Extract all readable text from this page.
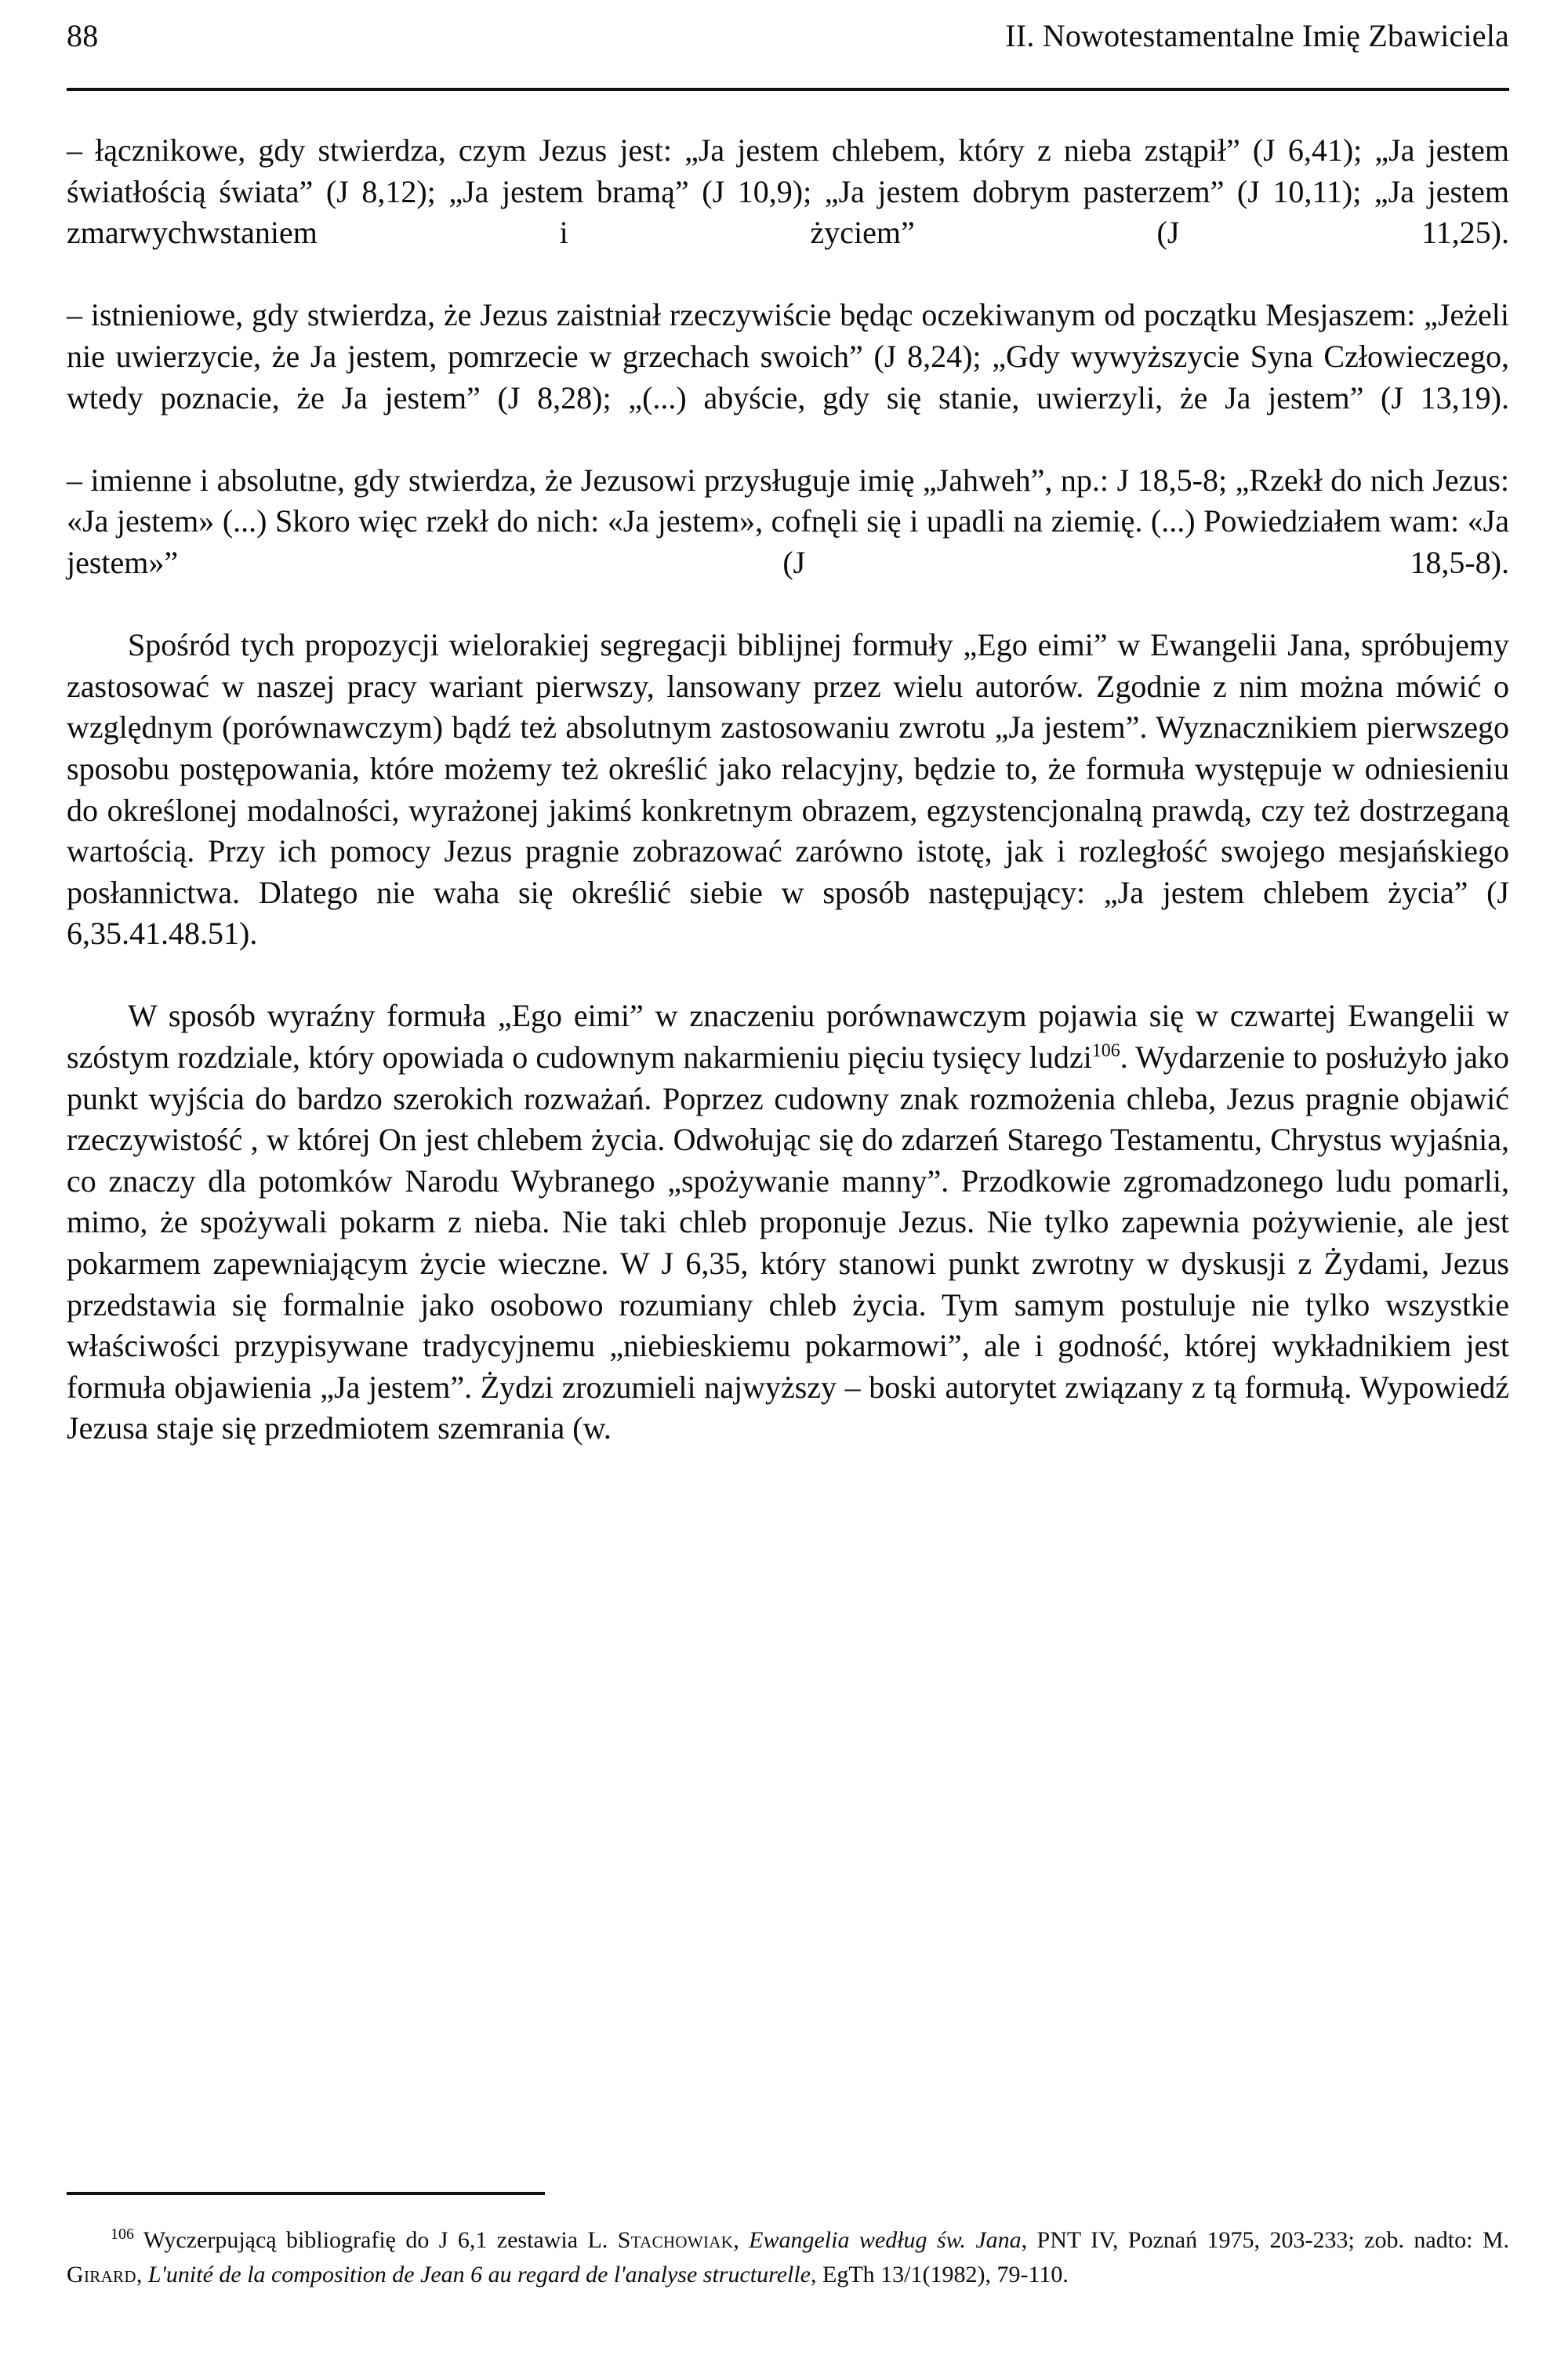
88	II. Nowotestamentalne Imię Zbawiciela

– łącznikowe, gdy stwierdza, czym Jezus jest: „Ja jestem chlebem, który z nieba zstąpił” (J 6,41); „Ja jestem światłością świata” (J 8,12); „Ja jestem bramą” (J 10,9); „Ja jestem dobrym pasterzem” (J 10,11); „Ja jestem zmarwychwstaniem i życiem” (J 11,25).

– istnieniowe, gdy stwierdza, że Jezus zaistniał rzeczywiście będąc oczekiwanym od początku Mesjaszem: „Jeżeli nie uwierzycie, że Ja jestem, pomrzecie w grzechach swoich” (J 8,24); „Gdy wywyższycie Syna Człowieczego, wtedy poznacie, że Ja jestem” (J 8,28); „(...) abyście, gdy się stanie, uwierzyli, że Ja jestem” (J 13,19).

– imienne i absolutne, gdy stwierdza, że Jezusowi przysługuje imię „Jahweh”, np.: J 18,5-8; „Rzekł do nich Jezus: «Ja jestem» (...) Skoro więc rzekł do nich: «Ja jestem», cofnęli się i upadli na ziemię. (...) Powiedziałem wam: «Ja jestem»” (J 18,5-8).

Spośród tych propozycji wielorakiej segregacji biblijnej formuły „Ego eimi” w Ewangelii Jana, spróbujemy zastosować w naszej pracy wariant pierwszy, lansowany przez wielu autorów. Zgodnie z nim można mówić o względnym (porównawczym) bądź też absolutnym zastosowaniu zwrotu „Ja jestem”. Wyznacznikiem pierwszego sposobu postępowania, które możemy też określić jako relacyjny, będzie to, że formuła występuje w odniesieniu do określonej modalności, wyrażonej jakimś konkretnym obrazem, egzystencjonalną prawdą, czy też dostrzeganą wartością. Przy ich pomocy Jezus pragnie zobrazować zarówno istotę, jak i rozległość swojego mesjańskiego posłannictwa. Dlatego nie waha się określić siebie w sposób następujący: „Ja jestem chlebem życia” (J 6,35.41.48.51).

W sposób wyraźny formuła „Ego eimi” w znaczeniu porównawczym pojawia się w czwartej Ewangelii w szóstym rozdziale, który opowiada o cudownym nakarmieniu pięciu tysięcy ludzi$^{106}$. Wydarzenie to posłużyło jako punkt wyjścia do bardzo szerokich rozważań. Poprzez cudowny znak rozmożenia chleba, Jezus pragnie objawić rzeczywistość , w której On jest chlebem życia. Odwołując się do zdarzeń Starego Testamentu, Chrystus wyjaśnia, co znaczy dla potomków Narodu Wybranego „spożywanie manny”. Przodkowie zgromadzonego ludu pomarli, mimo, że spożywali pokarm z nieba. Nie taki chleb proponuje Jezus. Nie tylko zapewnia pożywienie, ale jest pokarmem zapewniającym życie wieczne. W J 6,35, który stanowi punkt zwrotny w dyskusji z Żydami, Jezus przedstawia się formalnie jako osobowo rozumiany chleb życia. Tym samym postuluje nie tylko wszystkie właściwości przypisywane tradycyjnemu „niebieskiemu pokarmowi”, ale i godność, której wykładnikiem jest formuła objawienia „Ja jestem”. Żydzi zrozumieli najwyższy – boski autorytet związany z tą formułą. Wypowiedź Jezusa staje się przedmiotem szemrania (w.

$^{106}$ Wyczerpującą bibliografię do J 6,1 zestawia L. Stachowiak, Ewangelia według św. Jana, PNT IV, Poznań 1975, 203-233; zob. nadto: M. Girard, L'unité de la composition de Jean 6 au regard de l'analyse structurelle, EgTh 13/1(1982), 79-110.
